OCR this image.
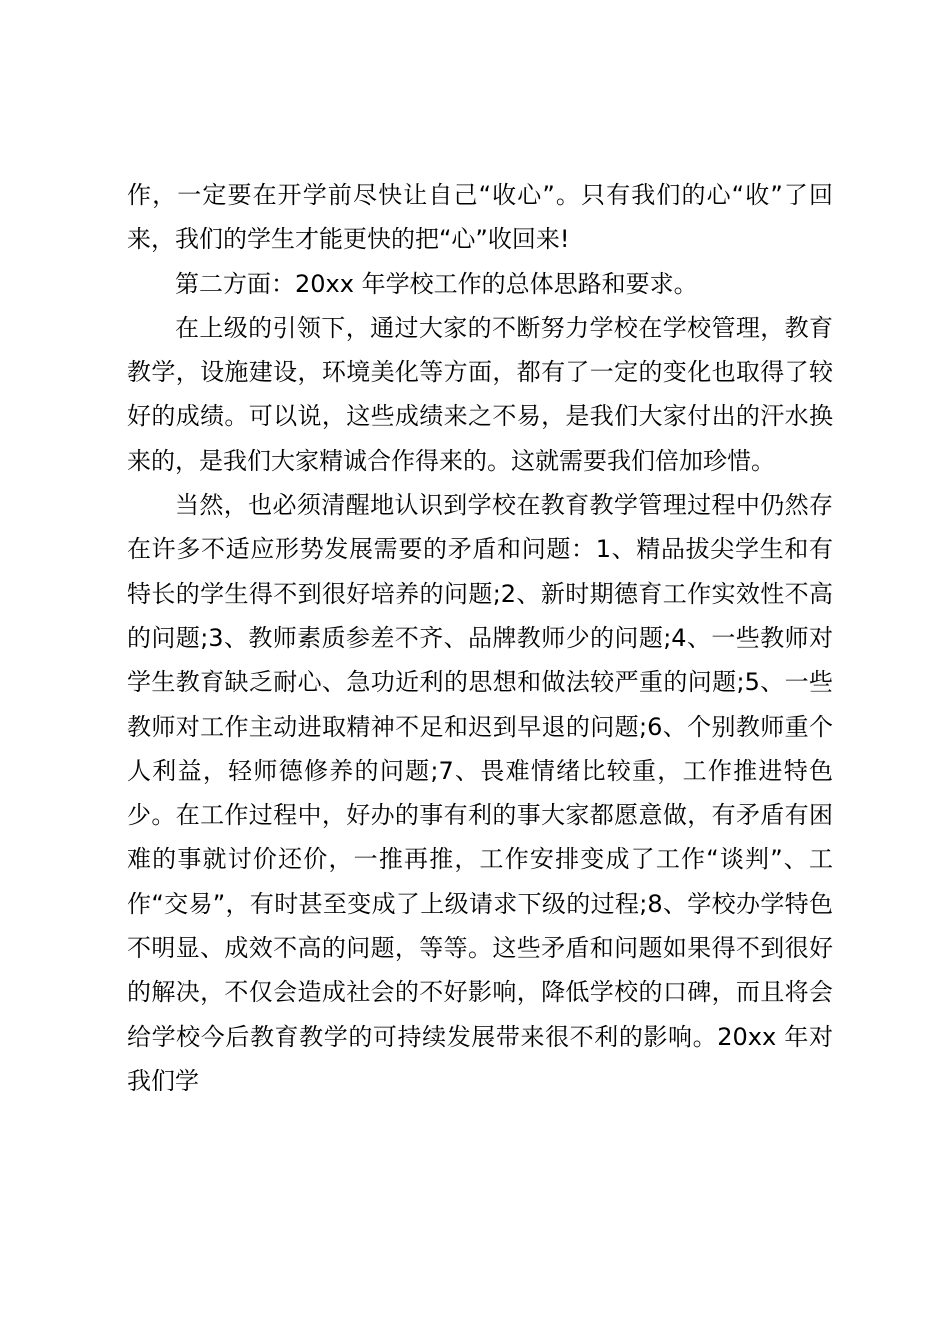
作，一定要在开学前尽快让自己“收心”。只有我们的心“收”了回来，我们的学生才能更快的把“心”收回来!

第二方面：20xx 年学校工作的总体思路和要求。

在上级的引领下，通过大家的不断努力学校在学校管理，教育教学，设施建设，环境美化等方面，都有了一定的变化也取得了较好的成绩。可以说，这些成绩来之不易，是我们大家付出的汗水换来的，是我们大家精诚合作得来的。这就需要我们倍加珍惜。

当然，也必须清醒地认识到学校在教育教学管理过程中仍然存在许多不适应形势发展需要的矛盾和问题：1、精品拔尖学生和有特长的学生得不到很好培养的问题;2、新时期德育工作实效性不高的问题;3、教师素质参差不齐、品牌教师少的问题;4、一些教师对学生教育缺乏耐心、急功近利的思想和做法较严重的问题;5、一些教师对工作主动进取精神不足和迟到早退的问题;6、个别教师重个人利益，轻师德修养的问题;7、畏难情绪比较重，工作推进特色少。在工作过程中，好办的事有利的事大家都愿意做，有矛盾有困难的事就讨价还价，一推再推，工作安排变成了工作“谈判”、工作“交易”，有时甚至变成了上级请求下级的过程;8、学校办学特色不明显、成效不高的问题，等等。这些矛盾和问题如果得不到很好的解决，不仅会造成社会的不好影响，降低学校的口碑，而且将会给学校今后教育教学的可持续发展带来很不利的影响。20xx 年对我们学
